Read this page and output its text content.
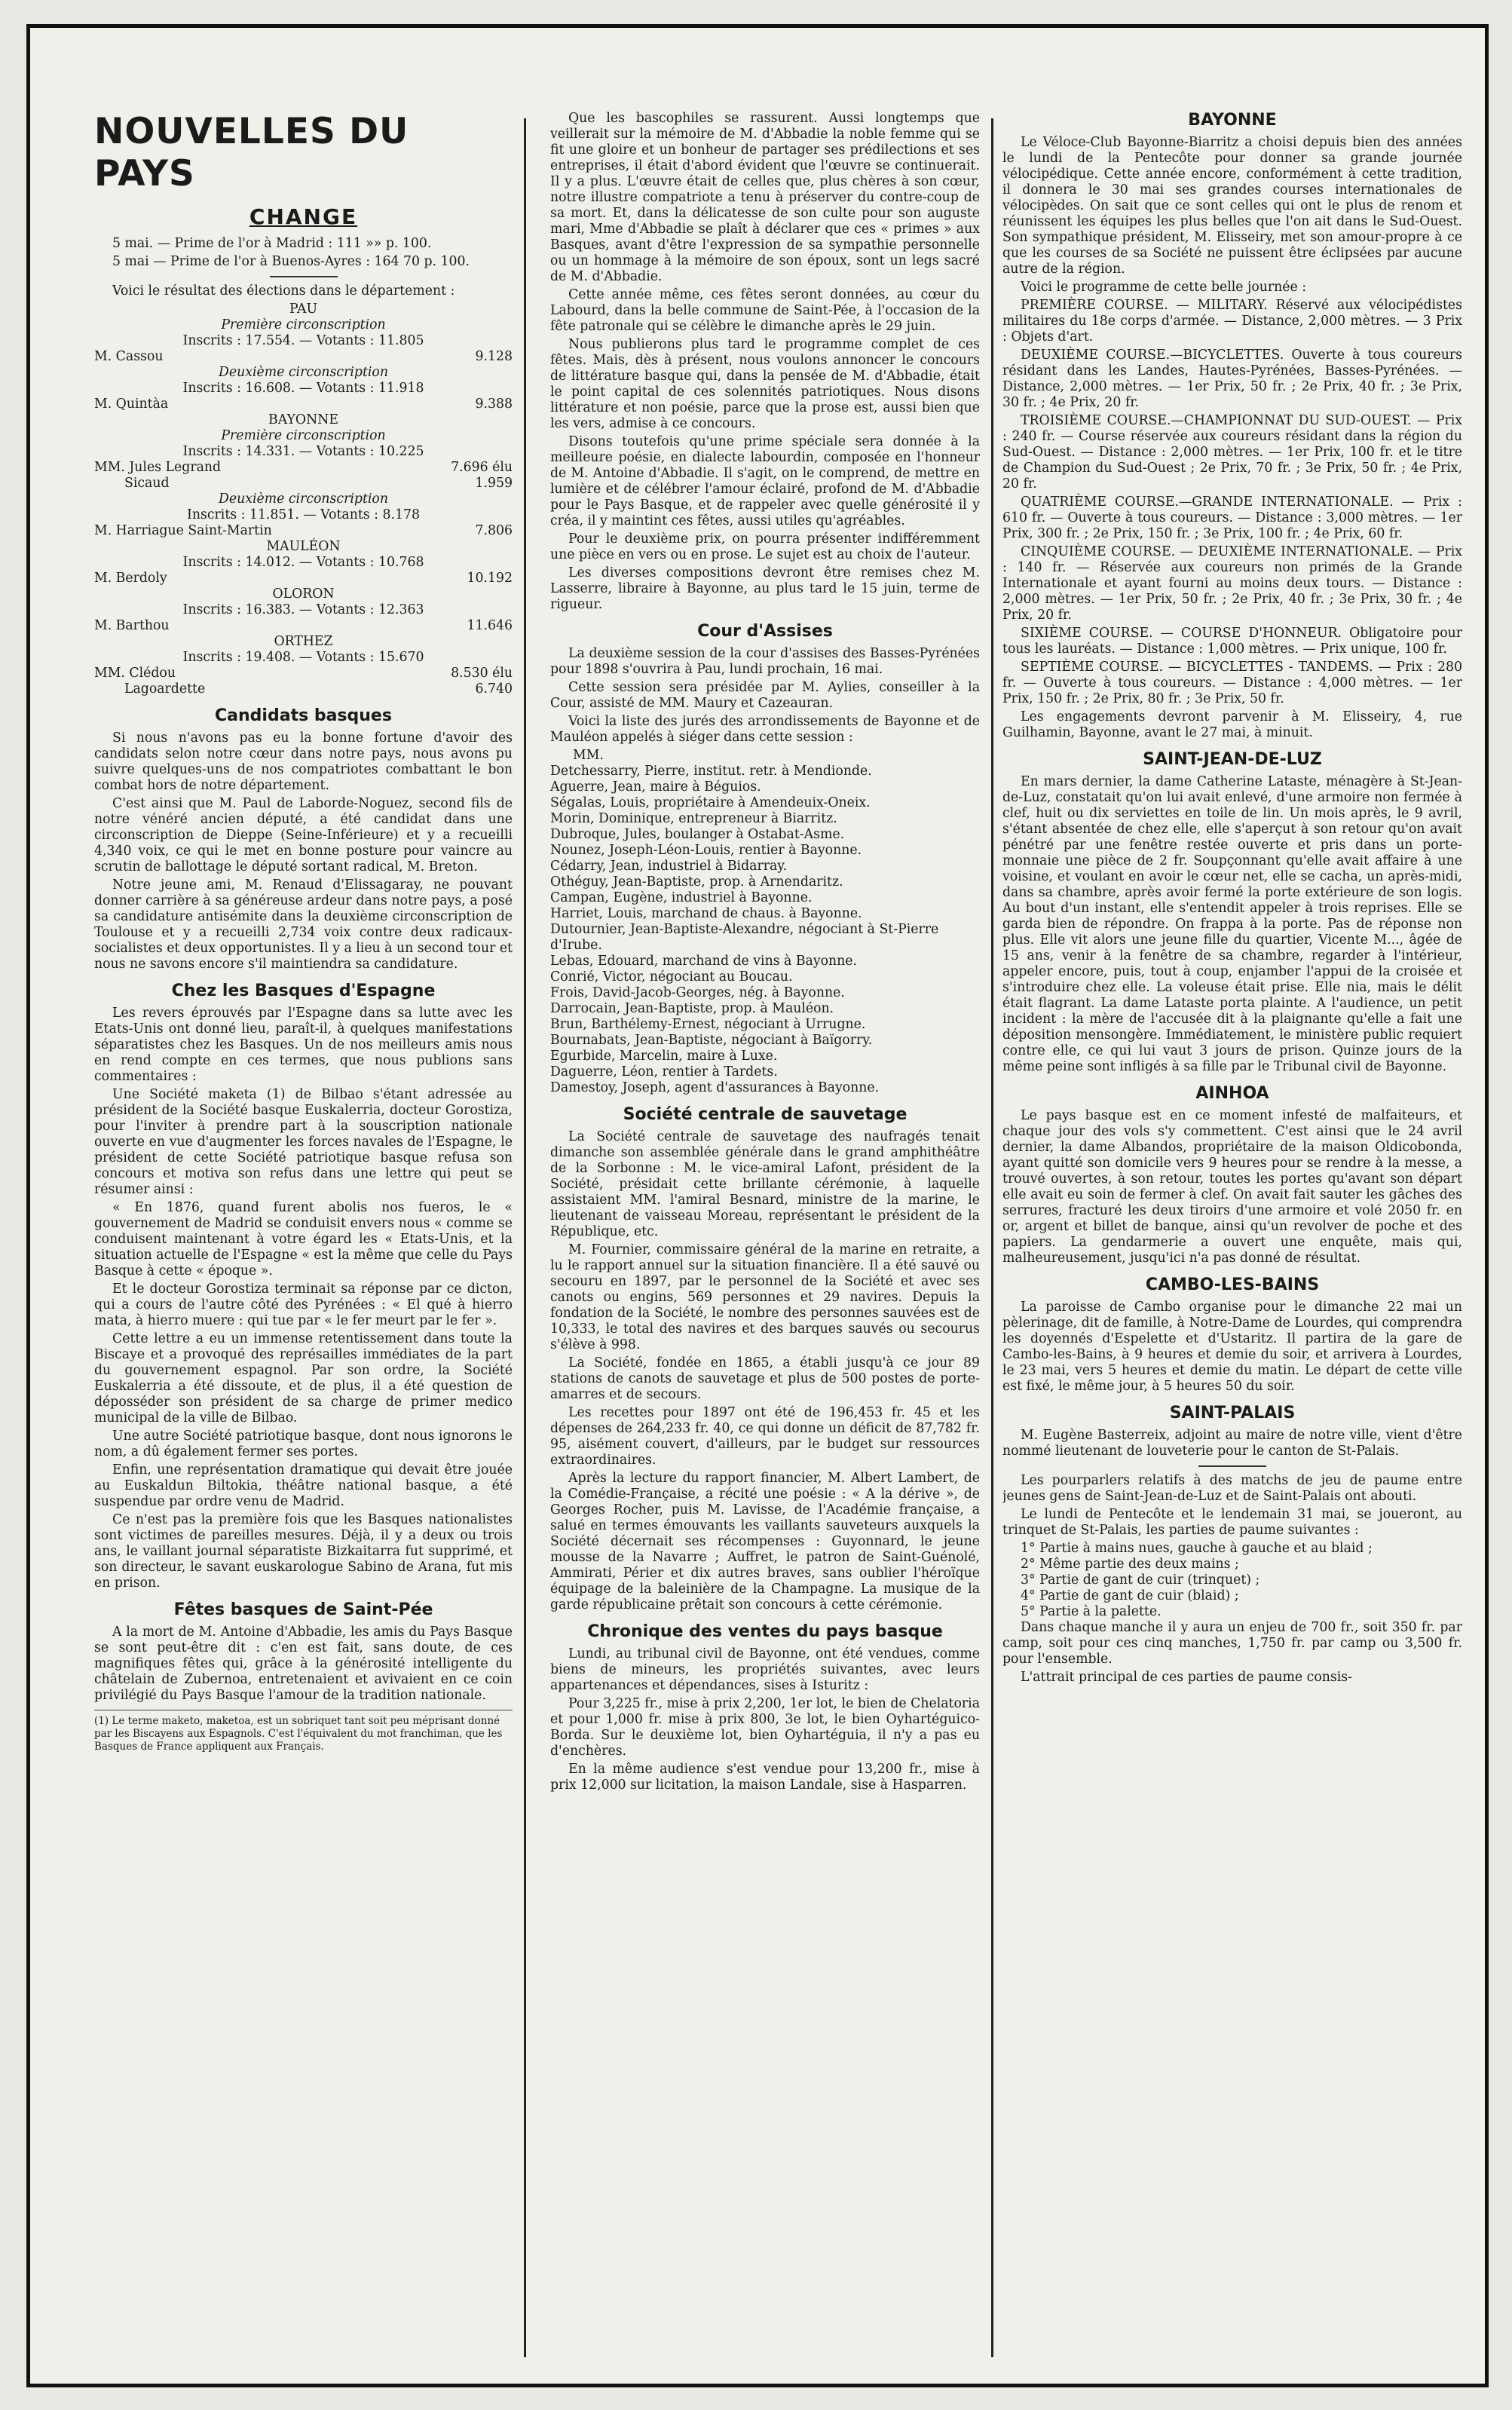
NOUVELLES DU PAYS
CHANGE

5 mai. — Prime de l'or à Madrid : 111 »» p. 100.

5 mai — Prime de l'or à Buenos-Ayres : 164 70 p. 100.

Voici le résultat des élections dans le département :

PAU
Première circonscription
Inscrits : 17.554. — Votants : 11.805
M. Cassou	9.128
Deuxième circonscription
Inscrits : 16.608. — Votants : 11.918
M. Quintàa	9.388
BAYONNE
Première circonscription
Inscrits : 14.331. — Votants : 10.225
MM. Jules Legrand	7.696 élu
Sicaud	1.959
Deuxième circonscription
Inscrits : 11.851. — Votants : 8.178
M. Harriague Saint-Martin	7.806
MAULÉON
Inscrits : 14.012. — Votants : 10.768
M. Berdoly	10.192
OLORON
Inscrits : 16.383. — Votants : 12.363
M. Barthou	11.646
ORTHEZ
Inscrits : 19.408. — Votants : 15.670
MM. Clédou	8.530 élu
Lagoardette	6.740
Candidats basques

Si nous n'avons pas eu la bonne fortune d'avoir des candidats selon notre cœur dans notre pays, nous avons pu suivre quelques-uns de nos compatriotes combattant le bon combat hors de notre département.

C'est ainsi que M. Paul de Laborde-Noguez, second fils de notre vénéré ancien député, a été candidat dans une circonscription de Dieppe (Seine-Inférieure) et y a recueilli 4,340 voix, ce qui le met en bonne posture pour vaincre au scrutin de ballottage le député sortant radical, M. Breton.

Notre jeune ami, M. Renaud d'Elissagaray, ne pouvant donner carrière à sa généreuse ardeur dans notre pays, a posé sa candidature antisémite dans la deuxième circonscription de Toulouse et y a recueilli 2,734 voix contre deux radicaux-socialistes et deux opportunistes. Il y a lieu à un second tour et nous ne savons encore s'il maintiendra sa candidature.

Chez les Basques d'Espagne

Les revers éprouvés par l'Espagne dans sa lutte avec les Etats-Unis ont donné lieu, paraît-il, à quelques manifestations séparatistes chez les Basques. Un de nos meilleurs amis nous en rend compte en ces termes, que nous publions sans commentaires :

Une Société maketa (1) de Bilbao s'étant adressée au président de la Société basque Euskalerria, docteur Gorostiza, pour l'inviter à prendre part à la souscription nationale ouverte en vue d'augmenter les forces navales de l'Espagne, le président de cette Société patriotique basque refusa son concours et motiva son refus dans une lettre qui peut se résumer ainsi :

« En 1876, quand furent abolis nos fueros, le « gouvernement de Madrid se conduisit envers nous « comme se conduisent maintenant à votre égard les « Etats-Unis, et la situation actuelle de l'Espagne « est la même que celle du Pays Basque à cette « époque ».

Et le docteur Gorostiza terminait sa réponse par ce dicton, qui a cours de l'autre côté des Pyrénées : « El qué à hierro mata, à hierro muere : qui tue par « le fer meurt par le fer ».

Cette lettre a eu un immense retentissement dans toute la Biscaye et a provoqué des représailles immédiates de la part du gouvernement espagnol. Par son ordre, la Société Euskalerria a été dissoute, et de plus, il a été question de déposséder son président de sa charge de primer medico municipal de la ville de Bilbao.

Une autre Société patriotique basque, dont nous ignorons le nom, a dû également fermer ses portes.

Enfin, une représentation dramatique qui devait être jouée au Euskaldun Biltokia, théâtre national basque, a été suspendue par ordre venu de Madrid.

Ce n'est pas la première fois que les Basques nationalistes sont victimes de pareilles mesures. Déjà, il y a deux ou trois ans, le vaillant journal séparatiste Bizkaitarra fut supprimé, et son directeur, le savant euskarologue Sabino de Arana, fut mis en prison.

Fêtes basques de Saint-Pée

A la mort de M. Antoine d'Abbadie, les amis du Pays Basque se sont peut-être dit : c'en est fait, sans doute, de ces magnifiques fêtes qui, grâce à la générosité intelligente du châtelain de Zubernoa, entretenaient et avivaient en ce coin privilégié du Pays Basque l'amour de la tradition nationale.

(1) Le terme maketo, maketoa, est un sobriquet tant soit peu méprisant donné par les Biscayens aux Espagnols. C'est l'équivalent du mot franchiman, que les Basques de France appliquent aux Français.

Que les bascophiles se rassurent. Aussi longtemps que veillerait sur la mémoire de M. d'Abbadie la noble femme qui se fit une gloire et un bonheur de partager ses prédilections et ses entreprises, il était d'abord évident que l'œuvre se continuerait. Il y a plus. L'œuvre était de celles que, plus chères à son cœur, notre illustre compatriote a tenu à préserver du contre-coup de sa mort. Et, dans la délicatesse de son culte pour son auguste mari, Mme d'Abbadie se plaît à déclarer que ces « primes » aux Basques, avant d'être l'expression de sa sympathie personnelle ou un hommage à la mémoire de son époux, sont un legs sacré de M. d'Abbadie.

Cette année même, ces fêtes seront données, au cœur du Labourd, dans la belle commune de Saint-Pée, à l'occasion de la fête patronale qui se célèbre le dimanche après le 29 juin.

Nous publierons plus tard le programme complet de ces fêtes. Mais, dès à présent, nous voulons annoncer le concours de littérature basque qui, dans la pensée de M. d'Abbadie, était le point capital de ces solennités patriotiques. Nous disons littérature et non poésie, parce que la prose est, aussi bien que les vers, admise à ce concours.

Disons toutefois qu'une prime spéciale sera donnée à la meilleure poésie, en dialecte labourdin, composée en l'honneur de M. Antoine d'Abbadie. Il s'agit, on le comprend, de mettre en lumière et de célébrer l'amour éclairé, profond de M. d'Abbadie pour le Pays Basque, et de rappeler avec quelle générosité il y créa, il y maintint ces fêtes, aussi utiles qu'agréables.

Pour le deuxième prix, on pourra présenter indifféremment une pièce en vers ou en prose. Le sujet est au choix de l'auteur.

Les diverses compositions devront être remises chez M. Lasserre, libraire à Bayonne, au plus tard le 15 juin, terme de rigueur.

Cour d'Assises

La deuxième session de la cour d'assises des Basses-Pyrénées pour 1898 s'ouvrira à Pau, lundi prochain, 16 mai.

Cette session sera présidée par M. Aylies, conseiller à la Cour, assisté de MM. Maury et Cazeauran.

Voici la liste des jurés des arrondissements de Bayonne et de Mauléon appelés à siéger dans cette session :

MM.
Detchessarry, Pierre, institut. retr. à Mendionde.
Aguerre, Jean, maire à Béguios.
Ségalas, Louis, propriétaire à Amendeuix-Oneix.
Morin, Dominique, entrepreneur à Biarritz.
Dubroque, Jules, boulanger à Ostabat-Asme.
Nounez, Joseph-Léon-Louis, rentier à Bayonne.
Cédarry, Jean, industriel à Bidarray.
Othéguy, Jean-Baptiste, prop. à Arnendaritz.
Campan, Eugène, industriel à Bayonne.
Harriet, Louis, marchand de chaus. à Bayonne.
Dutournier, Jean-Baptiste-Alexandre, négociant à St-Pierre d'Irube.
Lebas, Edouard, marchand de vins à Bayonne.
Conrié, Victor, négociant au Boucau.
Frois, David-Jacob-Georges, nég. à Bayonne.
Darrocain, Jean-Baptiste, prop. à Mauléon.
Brun, Barthélemy-Ernest, négociant à Urrugne.
Bournabats, Jean-Baptiste, négociant à Baïgorry.
Egurbide, Marcelin, maire à Luxe.
Daguerre, Léon, rentier à Tardets.
Damestoy, Joseph, agent d'assurances à Bayonne.
Société centrale de sauvetage

La Société centrale de sauvetage des naufragés tenait dimanche son assemblée générale dans le grand amphithéâtre de la Sorbonne : M. le vice-amiral Lafont, président de la Société, présidait cette brillante cérémonie, à laquelle assistaient MM. l'amiral Besnard, ministre de la marine, le lieutenant de vaisseau Moreau, représentant le président de la République, etc.

M. Fournier, commissaire général de la marine en retraite, a lu le rapport annuel sur la situation financière. Il a été sauvé ou secouru en 1897, par le personnel de la Société et avec ses canots ou engins, 569 personnes et 29 navires. Depuis la fondation de la Société, le nombre des personnes sauvées est de 10,333, le total des navires et des barques sauvés ou secourus s'élève à 998.

La Société, fondée en 1865, a établi jusqu'à ce jour 89 stations de canots de sauvetage et plus de 500 postes de porte-amarres et de secours.

Les recettes pour 1897 ont été de 196,453 fr. 45 et les dépenses de 264,233 fr. 40, ce qui donne un déficit de 87,782 fr. 95, aisément couvert, d'ailleurs, par le budget sur ressources extraordinaires.

Après la lecture du rapport financier, M. Albert Lambert, de la Comédie-Française, a récité une poésie : « A la dérive », de Georges Rocher, puis M. Lavisse, de l'Académie française, a salué en termes émouvants les vaillants sauveteurs auxquels la Société décernait ses récompenses : Guyonnard, le jeune mousse de la Navarre ; Auffret, le patron de Saint-Guénolé, Ammirati, Périer et dix autres braves, sans oublier l'héroïque équipage de la baleinière de la Champagne. La musique de la garde républicaine prêtait son concours à cette cérémonie.

Chronique des ventes du pays basque

Lundi, au tribunal civil de Bayonne, ont été vendues, comme biens de mineurs, les propriétés suivantes, avec leurs appartenances et dépendances, sises à Isturitz :

Pour 3,225 fr., mise à prix 2,200, 1er lot, le bien de Chelatoria et pour 1,000 fr. mise à prix 800, 3e lot, le bien Oyhartéguico-Borda. Sur le deuxième lot, bien Oyhartéguia, il n'y a pas eu d'enchères.

En la même audience s'est vendue pour 13,200 fr., mise à prix 12,000 sur licitation, la maison Landale, sise à Hasparren.

BAYONNE

Le Véloce-Club Bayonne-Biarritz a choisi depuis bien des années le lundi de la Pentecôte pour donner sa grande journée vélocipédique. Cette année encore, conformément à cette tradition, il donnera le 30 mai ses grandes courses internationales de vélocipèdes. On sait que ce sont celles qui ont le plus de renom et réunissent les équipes les plus belles que l'on ait dans le Sud-Ouest. Son sympathique président, M. Elisseiry, met son amour-propre à ce que les courses de sa Société ne puissent être éclipsées par aucune autre de la région.

Voici le programme de cette belle journée :

PREMIÈRE COURSE. — MILITARY. Réservé aux vélocipédistes militaires du 18e corps d'armée. — Distance, 2,000 mètres. — 3 Prix : Objets d'art.

DEUXIÈME COURSE.—BICYCLETTES. Ouverte à tous coureurs résidant dans les Landes, Hautes-Pyrénées, Basses-Pyrénées. — Distance, 2,000 mètres. — 1er Prix, 50 fr. ; 2e Prix, 40 fr. ; 3e Prix, 30 fr. ; 4e Prix, 20 fr.

TROISIÈME COURSE.—CHAMPIONNAT DU SUD-OUEST. — Prix : 240 fr. — Course réservée aux coureurs résidant dans la région du Sud-Ouest. — Distance : 2,000 mètres. — 1er Prix, 100 fr. et le titre de Champion du Sud-Ouest ; 2e Prix, 70 fr. ; 3e Prix, 50 fr. ; 4e Prix, 20 fr.

QUATRIÈME COURSE.—GRANDE INTERNATIONALE. — Prix : 610 fr. — Ouverte à tous coureurs. — Distance : 3,000 mètres. — 1er Prix, 300 fr. ; 2e Prix, 150 fr. ; 3e Prix, 100 fr. ; 4e Prix, 60 fr.

CINQUIÈME COURSE. — DEUXIÈME INTERNATIONALE. — Prix : 140 fr. — Réservée aux coureurs non primés de la Grande Internationale et ayant fourni au moins deux tours. — Distance : 2,000 mètres. — 1er Prix, 50 fr. ; 2e Prix, 40 fr. ; 3e Prix, 30 fr. ; 4e Prix, 20 fr.

SIXIÈME COURSE. — COURSE D'HONNEUR. Obligatoire pour tous les lauréats. — Distance : 1,000 mètres. — Prix unique, 100 fr.

SEPTIÈME COURSE. — BICYCLETTES - TANDEMS. — Prix : 280 fr. — Ouverte à tous coureurs. — Distance : 4,000 mètres. — 1er Prix, 150 fr. ; 2e Prix, 80 fr. ; 3e Prix, 50 fr.

Les engagements devront parvenir à M. Elisseiry, 4, rue Guilhamin, Bayonne, avant le 27 mai, à minuit.

SAINT-JEAN-DE-LUZ

En mars dernier, la dame Catherine Lataste, ménagère à St-Jean-de-Luz, constatait qu'on lui avait enlevé, d'une armoire non fermée à clef, huit ou dix serviettes en toile de lin. Un mois après, le 9 avril, s'étant absentée de chez elle, elle s'aperçut à son retour qu'on avait pénétré par une fenêtre restée ouverte et pris dans un porte-monnaie une pièce de 2 fr. Soupçonnant qu'elle avait affaire à une voisine, et voulant en avoir le cœur net, elle se cacha, un après-midi, dans sa chambre, après avoir fermé la porte extérieure de son logis. Au bout d'un instant, elle s'entendit appeler à trois reprises. Elle se garda bien de répondre. On frappa à la porte. Pas de réponse non plus. Elle vit alors une jeune fille du quartier, Vicente M..., âgée de 15 ans, venir à la fenêtre de sa chambre, regarder à l'intérieur, appeler encore, puis, tout à coup, enjamber l'appui de la croisée et s'introduire chez elle. La voleuse était prise. Elle nia, mais le délit était flagrant. La dame Lataste porta plainte. A l'audience, un petit incident : la mère de l'accusée dit à la plaignante qu'elle a fait une déposition mensongère. Immédiatement, le ministère public requiert contre elle, ce qui lui vaut 3 jours de prison. Quinze jours de la même peine sont infligés à sa fille par le Tribunal civil de Bayonne.

AINHOA

Le pays basque est en ce moment infesté de malfaiteurs, et chaque jour des vols s'y commettent. C'est ainsi que le 24 avril dernier, la dame Albandos, propriétaire de la maison Oldicobonda, ayant quitté son domicile vers 9 heures pour se rendre à la messe, a trouvé ouvertes, à son retour, toutes les portes qu'avant son départ elle avait eu soin de fermer à clef. On avait fait sauter les gâches des serrures, fracturé les deux tiroirs d'une armoire et volé 2050 fr. en or, argent et billet de banque, ainsi qu'un revolver de poche et des papiers. La gendarmerie a ouvert une enquête, mais qui, malheureusement, jusqu'ici n'a pas donné de résultat.

CAMBO-LES-BAINS

La paroisse de Cambo organise pour le dimanche 22 mai un pèlerinage, dit de famille, à Notre-Dame de Lourdes, qui comprendra les doyennés d'Espelette et d'Ustaritz. Il partira de la gare de Cambo-les-Bains, à 9 heures et demie du soir, et arrivera à Lourdes, le 23 mai, vers 5 heures et demie du matin. Le départ de cette ville est fixé, le même jour, à 5 heures 50 du soir.

SAINT-PALAIS

M. Eugène Basterreix, adjoint au maire de notre ville, vient d'être nommé lieutenant de louveterie pour le canton de St-Palais.

Les pourparlers relatifs à des matchs de jeu de paume entre jeunes gens de Saint-Jean-de-Luz et de Saint-Palais ont abouti.

Le lundi de Pentecôte et le lendemain 31 mai, se joueront, au trinquet de St-Palais, les parties de paume suivantes :

1° Partie à mains nues, gauche à gauche et au blaid ;
2° Même partie des deux mains ;
3° Partie de gant de cuir (trinquet) ;
4° Partie de gant de cuir (blaid) ;
5° Partie à la palette.

Dans chaque manche il y aura un enjeu de 700 fr., soit 350 fr. par camp, soit pour ces cinq manches, 1,750 fr. par camp ou 3,500 fr. pour l'ensemble.

L'attrait principal de ces parties de paume consis-
